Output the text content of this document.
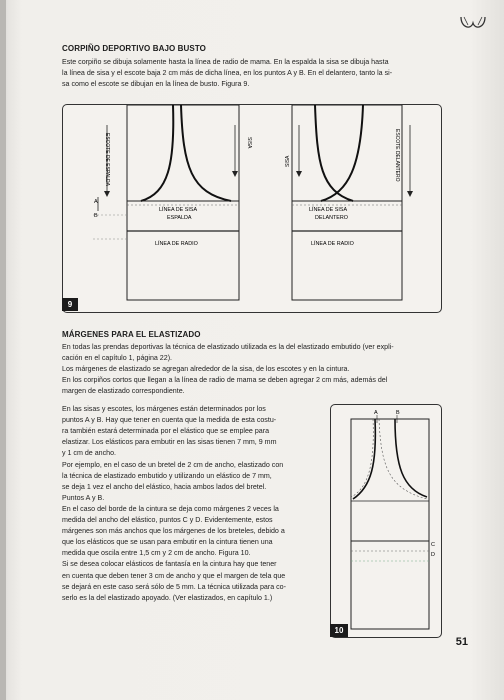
CORPIÑO DEPORTIVO BAJO BUSTO
Este corpiño se dibuja solamente hasta la línea de radio de mama. En la espalda la sisa se dibuja hasta
la línea de sisa y el escote baja 2 cm más de dicha línea, en los puntos A y B. En el delantero, tanto la si-
sa como el escote se dibujan en la línea de busto. Figura 9.
ESCOTE DE ESPALDA	SISA
A
B
LÍNEA DE SISA
ESPALDA
LÍNEA DE RADIO
SISA	ESCOTE DELANTERO
LÍNEA DE SISA
DELANTERO
LÍNEA DE RADIO
9
MÁRGENES PARA EL ELASTIZADO
En todas las prendas deportivas la técnica de elastizado utilizada es la del elastizado embutido (ver expli-
cación en el capítulo 1, página 22).
Los márgenes de elastizado se agregan alrededor de la sisa, de los escotes y en la cintura.
En los corpiños cortos que llegan a la línea de radio de mama se deben agregar 2 cm más, además del
margen de elastizado correspondiente.
En las sisas y escotes, los márgenes están determinados por los
puntos A y B. Hay que tener en cuenta que la medida de esta costu-
ra también estará determinada por el elástico que se emplee para
elastizar. Los elásticos para embutir en las sisas tienen 7 mm, 9 mm
y 1 cm de ancho.
Por ejemplo, en el caso de un bretel de 2 cm de ancho, elastizado con
la técnica de elastizado embutido y utilizando un elástico de 7 mm,
se deja 1 vez el ancho del elástico, hacia ambos lados del bretel.
Puntos A y B.
En el caso del borde de la cintura se deja como márgenes 2 veces la
medida del ancho del elástico, puntos C y D. Evidentemente, estos
márgenes son más anchos que los márgenes de los breteles, debido a
que los elásticos que se usan para embutir en la cintura tienen una
medida que oscila entre 1,5 cm y 2 cm de ancho. Figura 10.
Si se desea colocar elásticos de fantasía en la cintura hay que tener
en cuenta que deben tener 3 cm de ancho y que el margen de tela que
se dejará en este caso será sólo de 5 mm. La técnica utilizada para co-
serlo es la del elastizado apoyado. (Ver elastizados, en capítulo 1.)
A	B
C
D
10
51
